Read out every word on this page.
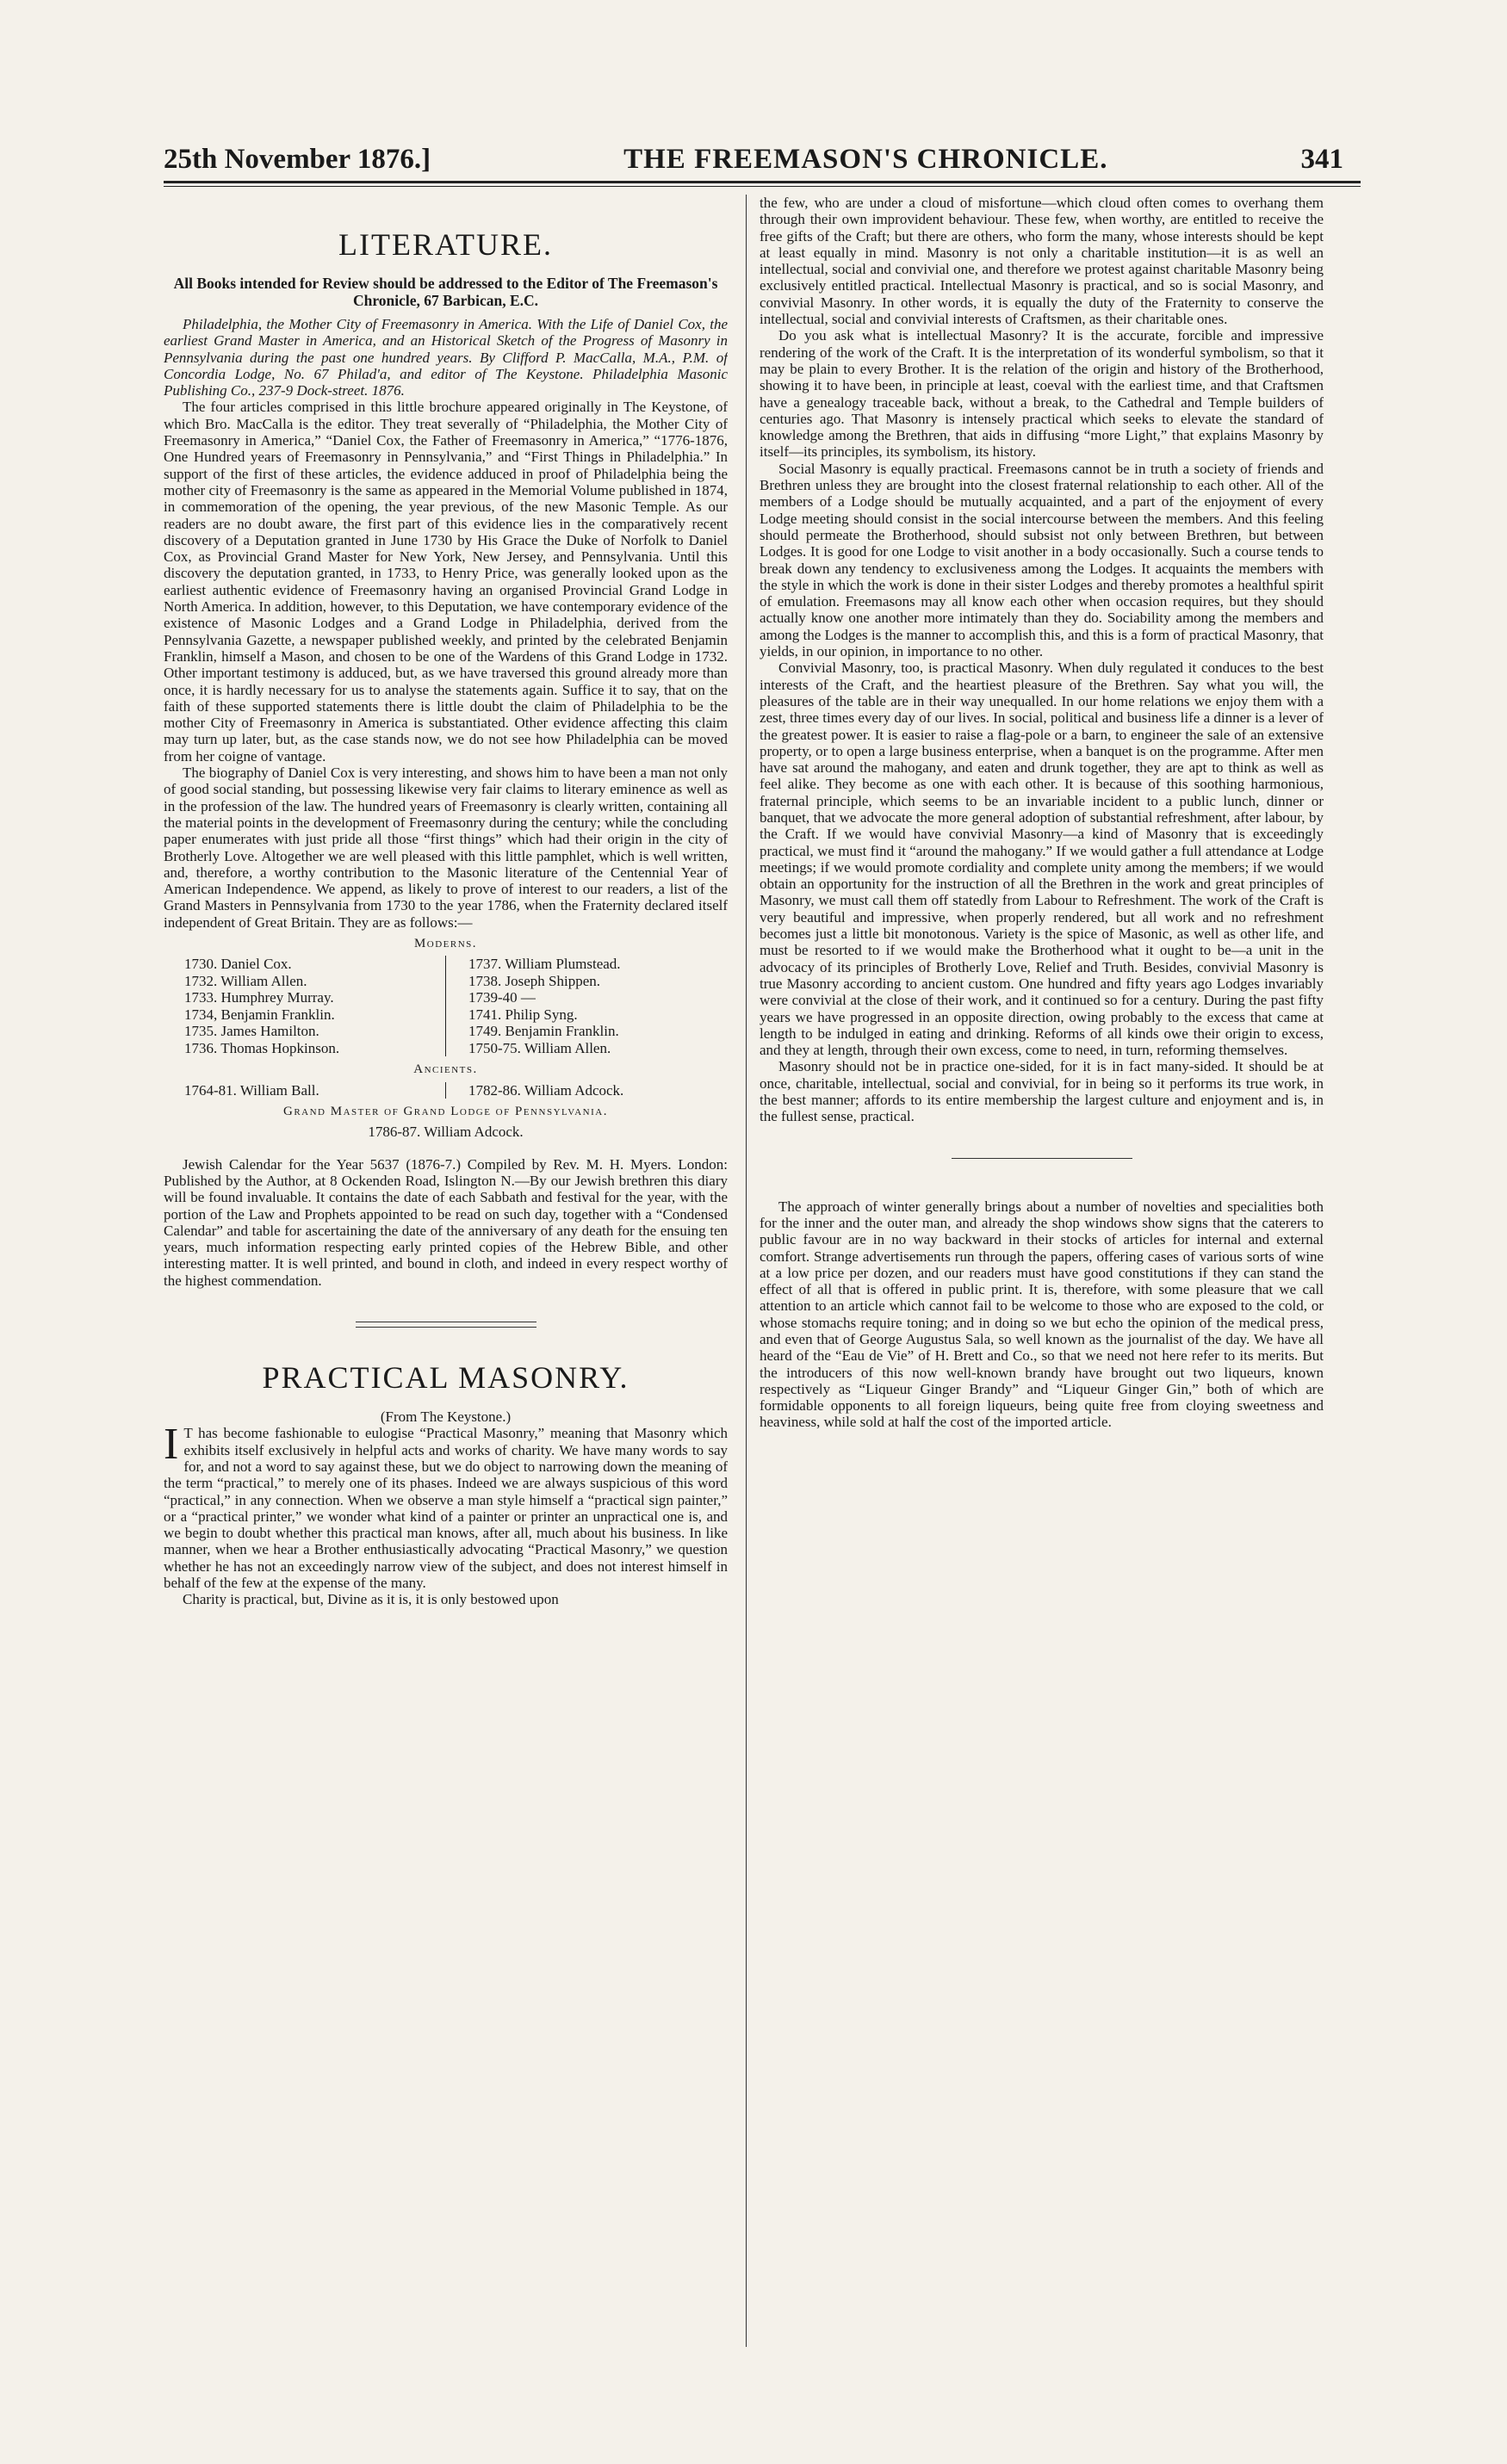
25th November 1876.]	THE FREEMASON'S CHRONICLE.	341
LITERATURE.

All Books intended for Review should be addressed to the Editor of The Freemason's Chronicle, 67 Barbican, E.C.

Philadelphia, the Mother City of Freemasonry in America. With the Life of Daniel Cox, the earliest Grand Master in America, and an Historical Sketch of the Progress of Masonry in Pennsylvania during the past one hundred years. By Clifford P. MacCalla, M.A., P.M. of Concordia Lodge, No. 67 Philad'a, and editor of The Keystone. Philadelphia Masonic Publishing Co., 237-9 Dock-street. 1876.

The four articles comprised in this little brochure appeared originally in The Keystone, of which Bro. MacCalla is the editor. They treat severally of “Philadelphia, the Mother City of Freemasonry in America,” “Daniel Cox, the Father of Freemasonry in America,” “1776-1876, One Hundred years of Freemasonry in Pennsylvania,” and “First Things in Philadelphia.” In support of the first of these articles, the evidence adduced in proof of Philadelphia being the mother city of Freemasonry is the same as appeared in the Memorial Volume published in 1874, in commemoration of the opening, the year previous, of the new Masonic Temple. As our readers are no doubt aware, the first part of this evidence lies in the comparatively recent discovery of a Deputation granted in June 1730 by His Grace the Duke of Norfolk to Daniel Cox, as Provincial Grand Master for New York, New Jersey, and Pennsylvania. Until this discovery the deputation granted, in 1733, to Henry Price, was generally looked upon as the earliest authentic evidence of Freemasonry having an organised Provincial Grand Lodge in North America. In addition, however, to this Deputation, we have contemporary evidence of the existence of Masonic Lodges and a Grand Lodge in Philadelphia, derived from the Pennsylvania Gazette, a newspaper published weekly, and printed by the celebrated Benjamin Franklin, himself a Mason, and chosen to be one of the Wardens of this Grand Lodge in 1732. Other important testimony is adduced, but, as we have traversed this ground already more than once, it is hardly necessary for us to analyse the statements again. Suffice it to say, that on the faith of these supported statements there is little doubt the claim of Philadelphia to be the mother City of Freemasonry in America is substantiated. Other evidence affecting this claim may turn up later, but, as the case stands now, we do not see how Philadelphia can be moved from her coigne of vantage.

The biography of Daniel Cox is very interesting, and shows him to have been a man not only of good social standing, but possessing likewise very fair claims to literary eminence as well as in the profession of the law. The hundred years of Freemasonry is clearly written, containing all the material points in the development of Freemasonry during the century; while the concluding paper enumerates with just pride all those “first things” which had their origin in the city of Brotherly Love. Altogether we are well pleased with this little pamphlet, which is well written, and, therefore, a worthy contribution to the Masonic literature of the Centennial Year of American Independence. We append, as likely to prove of interest to our readers, a list of the Grand Masters in Pennsylvania from 1730 to the year 1786, when the Fraternity declared itself independent of Great Britain. They are as follows:—

Moderns.
1730. Daniel Cox.	1737. William Plumstead.
1732. William Allen.	1738. Joseph Shippen.
1733. Humphrey Murray.	1739-40 —
1734, Benjamin Franklin.	1741. Philip Syng.
1735. James Hamilton.	1749. Benjamin Franklin.
1736. Thomas Hopkinson.	1750-75. William Allen.
Ancients.
1764-81. William Ball.	1782-86. William Adcock.
Grand Master of Grand Lodge of Pennsylvania.

1786-87. William Adcock.

Jewish Calendar for the Year 5637 (1876-7.) Compiled by Rev. M. H. Myers. London: Published by the Author, at 8 Ockenden Road, Islington N.—By our Jewish brethren this diary will be found invaluable. It contains the date of each Sabbath and festival for the year, with the portion of the Law and Prophets appointed to be read on such day, together with a “Condensed Calendar” and table for ascertaining the date of the anniversary of any death for the ensuing ten years, much information respecting early printed copies of the Hebrew Bible, and other interesting matter. It is well printed, and bound in cloth, and indeed in every respect worthy of the highest commendation.

PRACTICAL MASONRY.

(From The Keystone.)

I T has become fashionable to eulogise “Practical Masonry,” meaning that Masonry which exhibits itself exclusively in helpful acts and works of charity. We have many words to say for, and not a word to say against these, but we do object to narrowing down the meaning of the term “practical,” to merely one of its phases. Indeed we are always suspicious of this word “practical,” in any connection. When we observe a man style himself a “practical sign painter,” or a “practical printer,” we wonder what kind of a painter or printer an unpractical one is, and we begin to doubt whether this practical man knows, after all, much about his business. In like manner, when we hear a Brother enthusiastically advocating “Practical Masonry,” we question whether he has not an exceedingly narrow view of the subject, and does not interest himself in behalf of the few at the expense of the many.

Charity is practical, but, Divine as it is, it is only bestowed upon

the few, who are under a cloud of misfortune—which cloud often comes to overhang them through their own improvident behaviour. These few, when worthy, are entitled to receive the free gifts of the Craft; but there are others, who form the many, whose interests should be kept at least equally in mind. Masonry is not only a charitable institution—it is as well an intellectual, social and convivial one, and therefore we protest against charitable Masonry being exclusively entitled practical. Intellectual Masonry is practical, and so is social Masonry, and convivial Masonry. In other words, it is equally the duty of the Fraternity to conserve the intellectual, social and convivial interests of Craftsmen, as their charitable ones.

Do you ask what is intellectual Masonry? It is the accurate, forcible and impressive rendering of the work of the Craft. It is the interpretation of its wonderful symbolism, so that it may be plain to every Brother. It is the relation of the origin and history of the Brotherhood, showing it to have been, in principle at least, coeval with the earliest time, and that Craftsmen have a genealogy traceable back, without a break, to the Cathedral and Temple builders of centuries ago. That Masonry is intensely practical which seeks to elevate the standard of knowledge among the Brethren, that aids in diffusing “more Light,” that explains Masonry by itself—its principles, its symbolism, its history.

Social Masonry is equally practical. Freemasons cannot be in truth a society of friends and Brethren unless they are brought into the closest fraternal relationship to each other. All of the members of a Lodge should be mutually acquainted, and a part of the enjoyment of every Lodge meeting should consist in the social intercourse between the members. And this feeling should permeate the Brotherhood, should subsist not only between Brethren, but between Lodges. It is good for one Lodge to visit another in a body occasionally. Such a course tends to break down any tendency to exclusiveness among the Lodges. It acquaints the members with the style in which the work is done in their sister Lodges and thereby promotes a healthful spirit of emulation. Freemasons may all know each other when occasion requires, but they should actually know one another more intimately than they do. Sociability among the members and among the Lodges is the manner to accomplish this, and this is a form of practical Masonry, that yields, in our opinion, in importance to no other.

Convivial Masonry, too, is practical Masonry. When duly regulated it conduces to the best interests of the Craft, and the heartiest pleasure of the Brethren. Say what you will, the pleasures of the table are in their way unequalled. In our home relations we enjoy them with a zest, three times every day of our lives. In social, political and business life a dinner is a lever of the greatest power. It is easier to raise a flag-pole or a barn, to engineer the sale of an extensive property, or to open a large business enterprise, when a banquet is on the programme. After men have sat around the mahogany, and eaten and drunk together, they are apt to think as well as feel alike. They become as one with each other. It is because of this soothing harmonious, fraternal principle, which seems to be an invariable incident to a public lunch, dinner or banquet, that we advocate the more general adoption of substantial refreshment, after labour, by the Craft. If we would have convivial Masonry—a kind of Masonry that is exceedingly practical, we must find it “around the mahogany.” If we would gather a full attendance at Lodge meetings; if we would promote cordiality and complete unity among the members; if we would obtain an opportunity for the instruction of all the Brethren in the work and great principles of Masonry, we must call them off statedly from Labour to Refreshment. The work of the Craft is very beautiful and impressive, when properly rendered, but all work and no refreshment becomes just a little bit monotonous. Variety is the spice of Masonic, as well as other life, and must be resorted to if we would make the Brotherhood what it ought to be—a unit in the advocacy of its principles of Brotherly Love, Relief and Truth. Besides, convivial Masonry is true Masonry according to ancient custom. One hundred and fifty years ago Lodges invariably were convivial at the close of their work, and it continued so for a century. During the past fifty years we have progressed in an opposite direction, owing probably to the excess that came at length to be indulged in eating and drinking. Reforms of all kinds owe their origin to excess, and they at length, through their own excess, come to need, in turn, reforming themselves.

Masonry should not be in practice one-sided, for it is in fact many-sided. It should be at once, charitable, intellectual, social and convivial, for in being so it performs its true work, in the best manner; affords to its entire membership the largest culture and enjoyment and is, in the fullest sense, practical.

The approach of winter generally brings about a number of novelties and specialities both for the inner and the outer man, and already the shop windows show signs that the caterers to public favour are in no way backward in their stocks of articles for internal and external comfort. Strange advertisements run through the papers, offering cases of various sorts of wine at a low price per dozen, and our readers must have good constitutions if they can stand the effect of all that is offered in public print. It is, therefore, with some pleasure that we call attention to an article which cannot fail to be welcome to those who are exposed to the cold, or whose stomachs require toning; and in doing so we but echo the opinion of the medical press, and even that of George Augustus Sala, so well known as the journalist of the day. We have all heard of the “Eau de Vie” of H. Brett and Co., so that we need not here refer to its merits. But the introducers of this now well-known brandy have brought out two liqueurs, known respectively as “Liqueur Ginger Brandy” and “Liqueur Ginger Gin,” both of which are formidable opponents to all foreign liqueurs, being quite free from cloying sweetness and heaviness, while sold at half the cost of the imported article.
